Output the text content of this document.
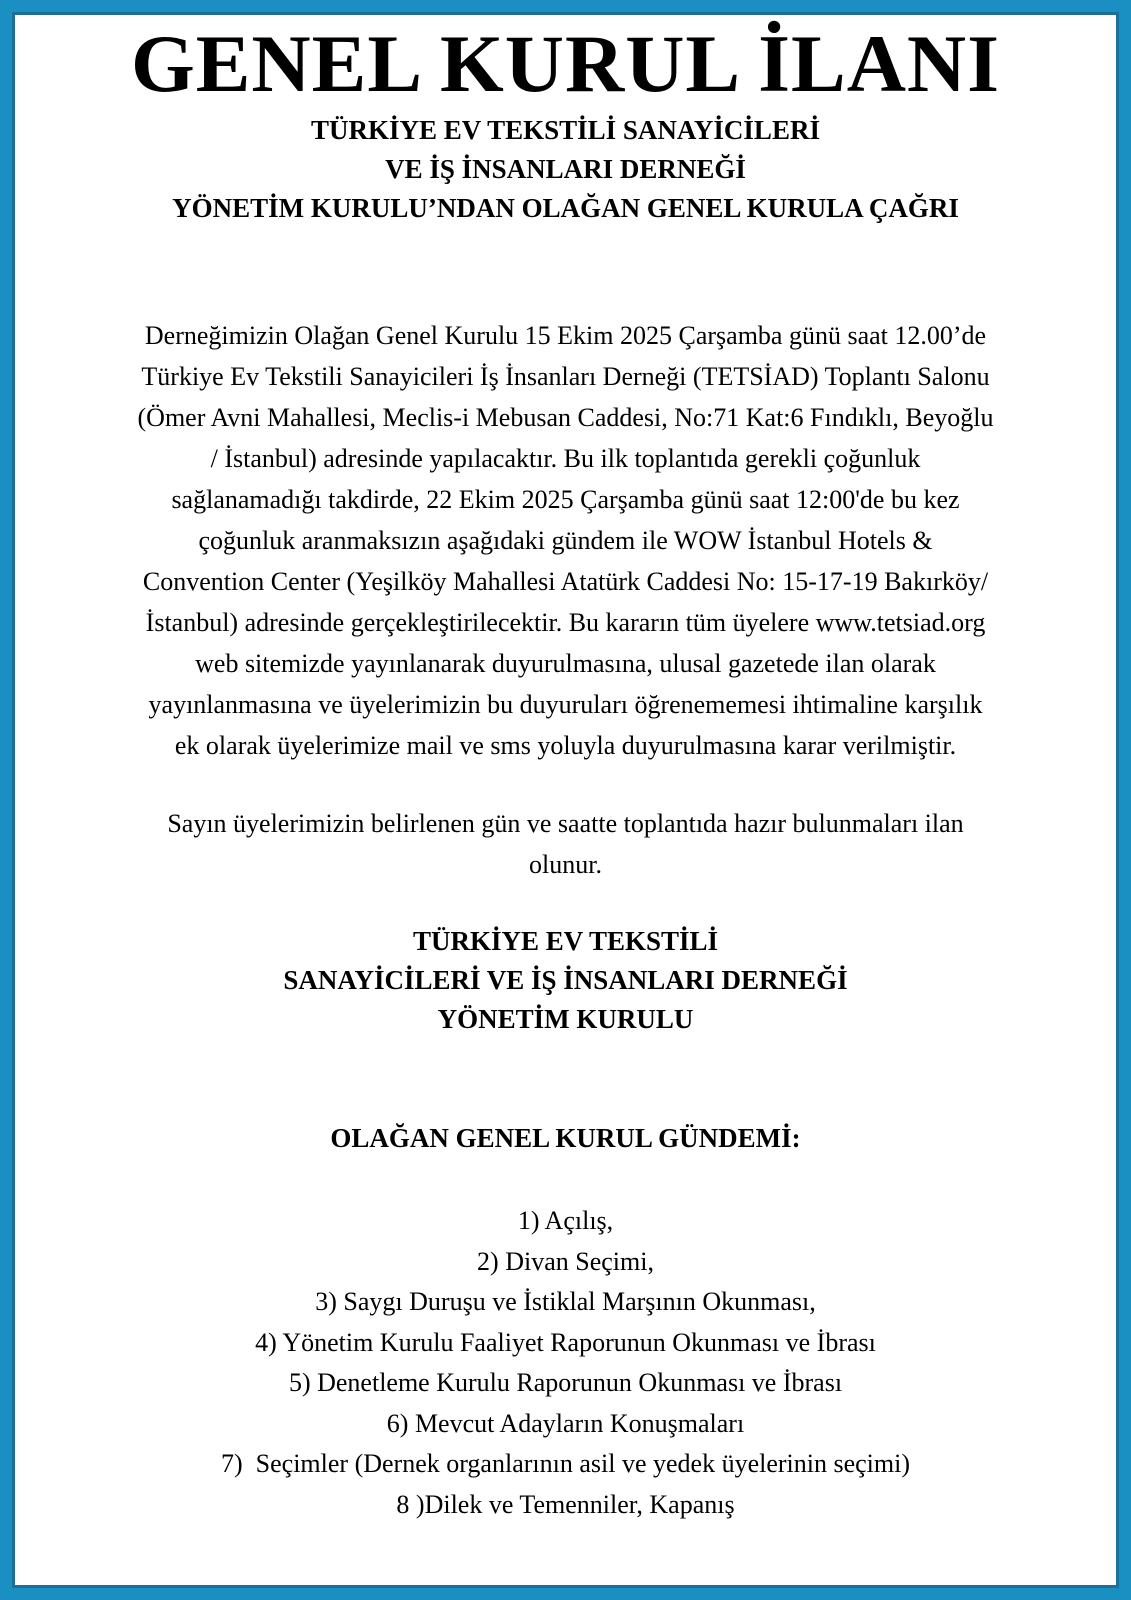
GENEL KURUL İLANI
TÜRKİYE EV TEKSTİLİ SANAYİCİLERİ
VE İŞ İNSANLARI DERNEĞİ
YÖNETİM KURULU’NDAN OLAĞAN GENEL KURULA ÇAĞRI
Derneğimizin Olağan Genel Kurulu 15 Ekim 2025 Çarşamba günü saat 12.00’de
Türkiye Ev Tekstili Sanayicileri İş İnsanları Derneği (TETSİAD) Toplantı Salonu
(Ömer Avni Mahallesi, Meclis-i Mebusan Caddesi, No:71 Kat:6 Fındıklı, Beyoğlu
/ İstanbul) adresinde yapılacaktır. Bu ilk toplantıda gerekli çoğunluk
sağlanamadığı takdirde, 22 Ekim 2025 Çarşamba günü saat 12:00'de bu kez
çoğunluk aranmaksızın aşağıdaki gündem ile WOW İstanbul Hotels &
Convention Center (Yeşilköy Mahallesi Atatürk Caddesi No: 15-17-19 Bakırköy/
İstanbul) adresinde gerçekleştirilecektir. Bu kararın tüm üyelere www.tetsiad.org
web sitemizde yayınlanarak duyurulmasına, ulusal gazetede ilan olarak
yayınlanmasına ve üyelerimizin bu duyuruları öğrenememesi ihtimaline karşılık
ek olarak üyelerimize mail ve sms yoluyla duyurulmasına karar verilmiştir.
Sayın üyelerimizin belirlenen gün ve saatte toplantıda hazır bulunmaları ilan
olunur.
TÜRKİYE EV TEKSTİLİ
SANAYİCİLERİ VE İŞ İNSANLARI DERNEĞİ
YÖNETİM KURULU
OLAĞAN GENEL KURUL GÜNDEMİ:
1) Açılış,
2) Divan Seçimi,
3) Saygı Duruşu ve İstiklal Marşının Okunması,
4) Yönetim Kurulu Faaliyet Raporunun Okunması ve İbrası
5) Denetleme Kurulu Raporunun Okunması ve İbrası
6) Mevcut Adayların Konuşmaları
7)  Seçimler (Dernek organlarının asil ve yedek üyelerinin seçimi)
8 )Dilek ve Temenniler, Kapanış
